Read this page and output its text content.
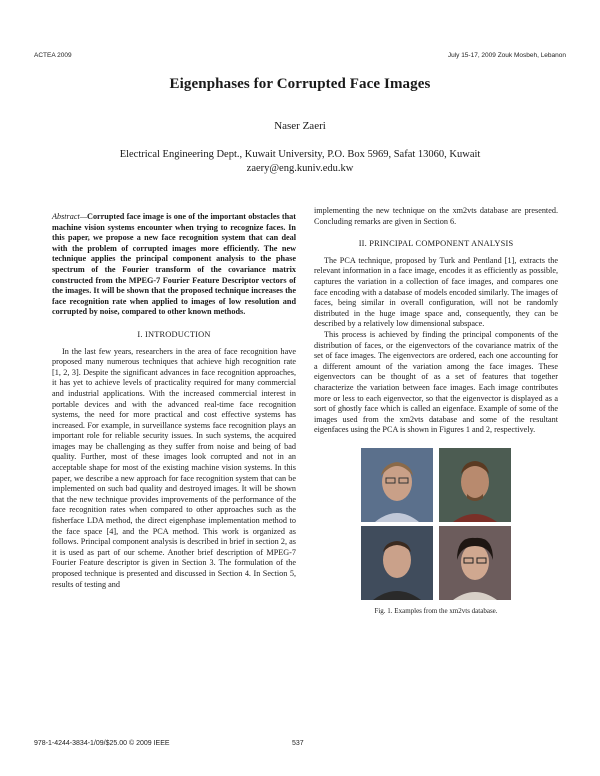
ACTEA 2009	July 15-17, 2009 Zouk Mosbeh, Lebanon
Eigenphases for Corrupted Face Images
Naser Zaeri
Electrical Engineering Dept., Kuwait University, P.O. Box 5969, Safat 13060, Kuwait
zaery@eng.kuniv.edu.kw

Abstract—Corrupted face image is one of the important obstacles that machine vision systems encounter when trying to recognize faces. In this paper, we propose a new face recognition system that can deal with the problem of corrupted images more efficiently. The new technique applies the principal component analysis to the phase spectrum of the Fourier transform of the covariance matrix constructed from the MPEG-7 Fourier Feature Descriptor vectors of the images. It will be shown that the proposed technique increases the face recognition rate when applied to images of low resolution and corrupted by noise, compared to other known methods.

I. INTRODUCTION

In the last few years, researchers in the area of face recognition have proposed many numerous techniques that achieve high recognition rate [1, 2, 3]. Despite the significant advances in face recognition approaches, it has yet to achieve levels of practicality required for many commercial and industrial applications. With the increased commercial interest in portable devices and with the advanced real-time face recognition systems, the need for more practical and cost effective systems has increased. For example, in surveillance systems face recognition plays an important role for reliable security issues. In such systems, the acquired images may be challenging as they suffer from noise and being of bad quality. Further, most of these images look corrupted and not in an acceptable shape for most of the existing machine vision systems. In this paper, we describe a new approach for face recognition system that can be implemented on such bad quality and destroyed images. It will be shown that the new technique provides improvements of the performance of the face recognition rates when compared to other approaches such as the fisherface LDA method, the direct eigenphase implementation method to the face space [4], and the PCA method. This work is organized as follows. Principal component analysis is described in brief in section 2, as it is used as part of our scheme. Another brief description of MPEG-7 Fourier Feature descriptor is given in Section 3. The formulation of the proposed technique is presented and discussed in Section 4. In Section 5, results of testing and

implementing the new technique on the xm2vts database are presented. Concluding remarks are given in Section 6.

II. PRINCIPAL COMPONENT ANALYSIS

The PCA technique, proposed by Turk and Pentland [1], extracts the relevant information in a face image, encodes it as efficiently as possible, captures the variation in a collection of face images, and compares one face encoding with a database of models encoded similarly. The images of faces, being similar in overall configuration, will not be randomly distributed in the huge image space and, consequently, they can be described by a relatively low dimensional subspace.

This process is achieved by finding the principal components of the distribution of faces, or the eigenvectors of the covariance matrix of the set of face images. The eigenvectors are ordered, each one accounting for a different amount of the variation among the face images. These eigenvectors can be thought of as a set of features that together characterize the variation between face images. Each image contributes more or less to each eigenvector, so that the eigenvector is displayed as a sort of ghostly face which is called an eigenface. Example of some of the images used from the xm2vts database and some of the resultant eigenfaces using the PCA is shown in Figures 1 and 2, respectively.

Fig. 1. Examples from the xm2vts database.
978-1-4244-3834-1/09/$25.00 © 2009 IEEE	537
